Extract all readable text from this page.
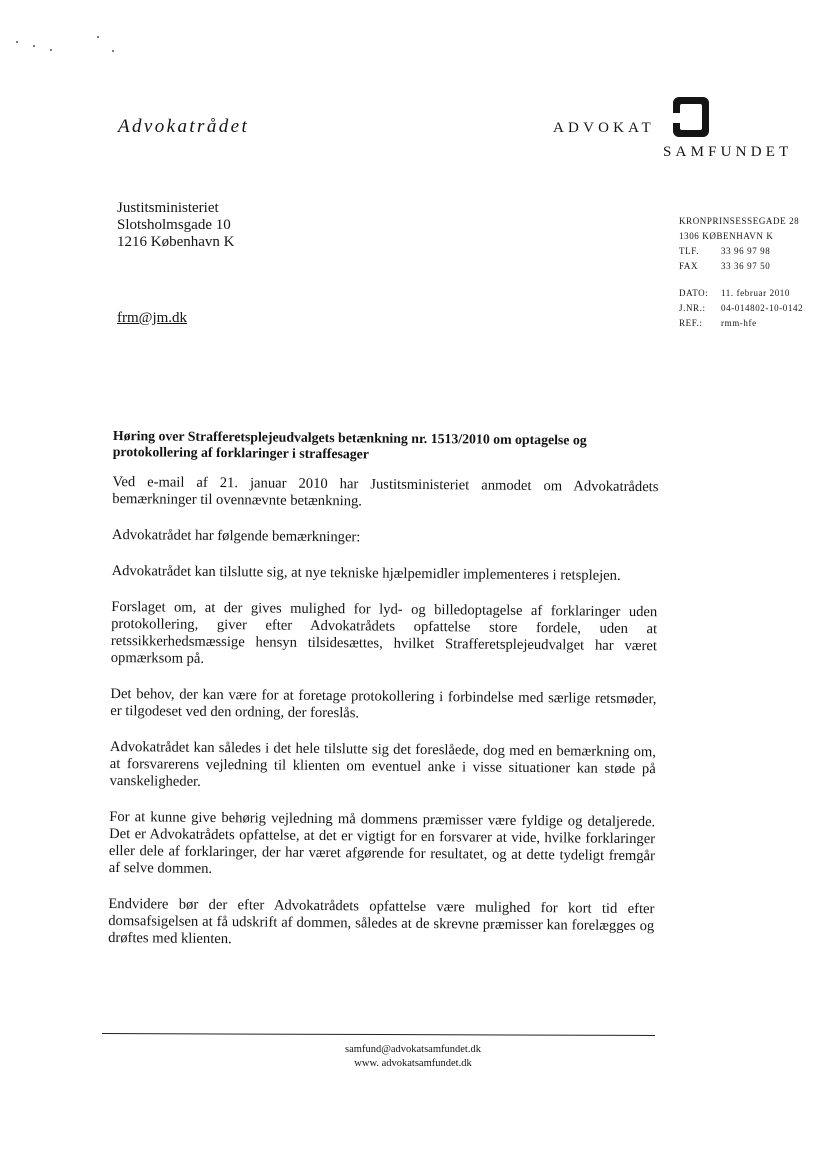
Advokatrådet	ADVOKAT
SAMFUNDET
Justitsministeriet
Slotsholmsgade 10
1216 København K
frm@jm.dk
KRONPRINSESSEGADE 28
1306 KØBENHAVN K
TLF. 33 96 97 98
FAX	33 36 97 50
DATO: 11. februar 2010
J.NR.: 04-014802-10-0142
REF.: rmm-hfe
Høring over Strafferetsplejeudvalgets betænkning nr. 1513/2010 om optagelse og protokollering af forklaringer i straffesager

Ved e-mail af 21. januar 2010 har Justitsministeriet anmodet om Advokatrådets bemærkninger til ovennævnte betænkning.

Advokatrådet har følgende bemærkninger:

Advokatrådet kan tilslutte sig, at nye tekniske hjælpemidler implementeres i retsplejen.

Forslaget om, at der gives mulighed for lyd- og billedoptagelse af forklaringer uden protokollering, giver efter Advokatrådets opfattelse store fordele, uden at retssikkerhedsmæssige hensyn tilsidesættes, hvilket Strafferetsplejeudvalget har været opmærksom på.

Det behov, der kan være for at foretage protokollering i forbindelse med særlige retsmøder, er tilgodeset ved den ordning, der foreslås.

Advokatrådet kan således i det hele tilslutte sig det foreslåede, dog med en bemærkning om, at forsvarerens vejledning til klienten om eventuel anke i visse situationer kan støde på vanskeligheder.

For at kunne give behørig vejledning må dommens præmisser være fyldige og detaljerede. Det er Advokatrådets opfattelse, at det er vigtigt for en forsvarer at vide, hvilke forklaringer eller dele af forklaringer, der har været afgørende for resultatet, og at dette tydeligt fremgår af selve dommen.

Endvidere bør der efter Advokatrådets opfattelse være mulighed for kort tid efter domsafsigelsen at få udskrift af dommen, således at de skrevne præmisser kan forelægges og drøftes med klienten.

samfund@advokatsamfundet.dk
www. advokatsamfundet.dk
